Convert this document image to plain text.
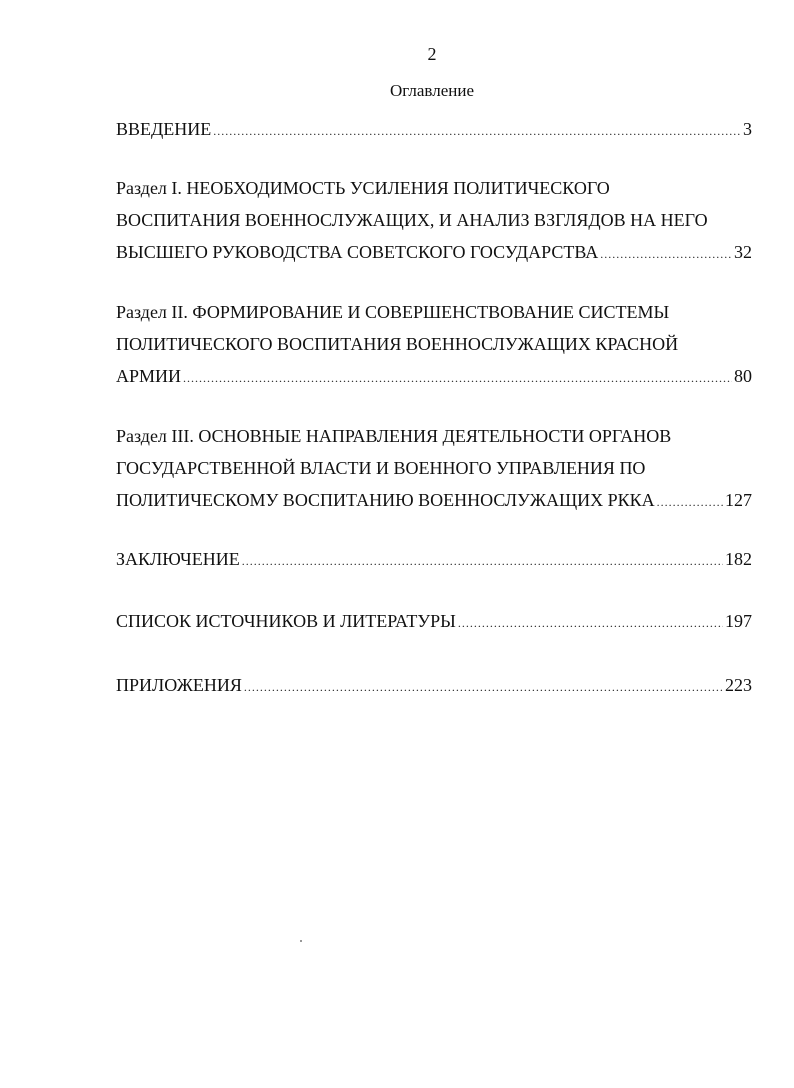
2
Оглавление
ВВЕДЕНИЕ .....	3
Раздел I. НЕОБХОДИМОСТЬ УСИЛЕНИЯ ПОЛИТИЧЕСКОГО
ВОСПИТАНИЯ ВОЕННОСЛУЖАЩИХ, И АНАЛИЗ ВЗГЛЯДОВ НА НЕГО
ВЫСШЕГО РУКОВОДСТВА СОВЕТСКОГО ГОСУДАРСТВА .....	32
Раздел II. ФОРМИРОВАНИЕ И СОВЕРШЕНСТВОВАНИЕ СИСТЕМЫ
ПОЛИТИЧЕСКОГО ВОСПИТАНИЯ ВОЕННОСЛУЖАЩИХ КРАСНОЙ
АРМИИ .....	80
Раздел III. ОСНОВНЫЕ НАПРАВЛЕНИЯ ДЕЯТЕЛЬНОСТИ ОРГАНОВ
ГОСУДАРСТВЕННОЙ ВЛАСТИ И ВОЕННОГО УПРАВЛЕНИЯ ПО
ПОЛИТИЧЕСКОМУ ВОСПИТАНИЮ ВОЕННОСЛУЖАЩИХ РККА .....	127
ЗАКЛЮЧЕНИЕ .....	182
СПИСОК ИСТОЧНИКОВ И ЛИТЕРАТУРЫ .....	197
ПРИЛОЖЕНИЯ .....	223
